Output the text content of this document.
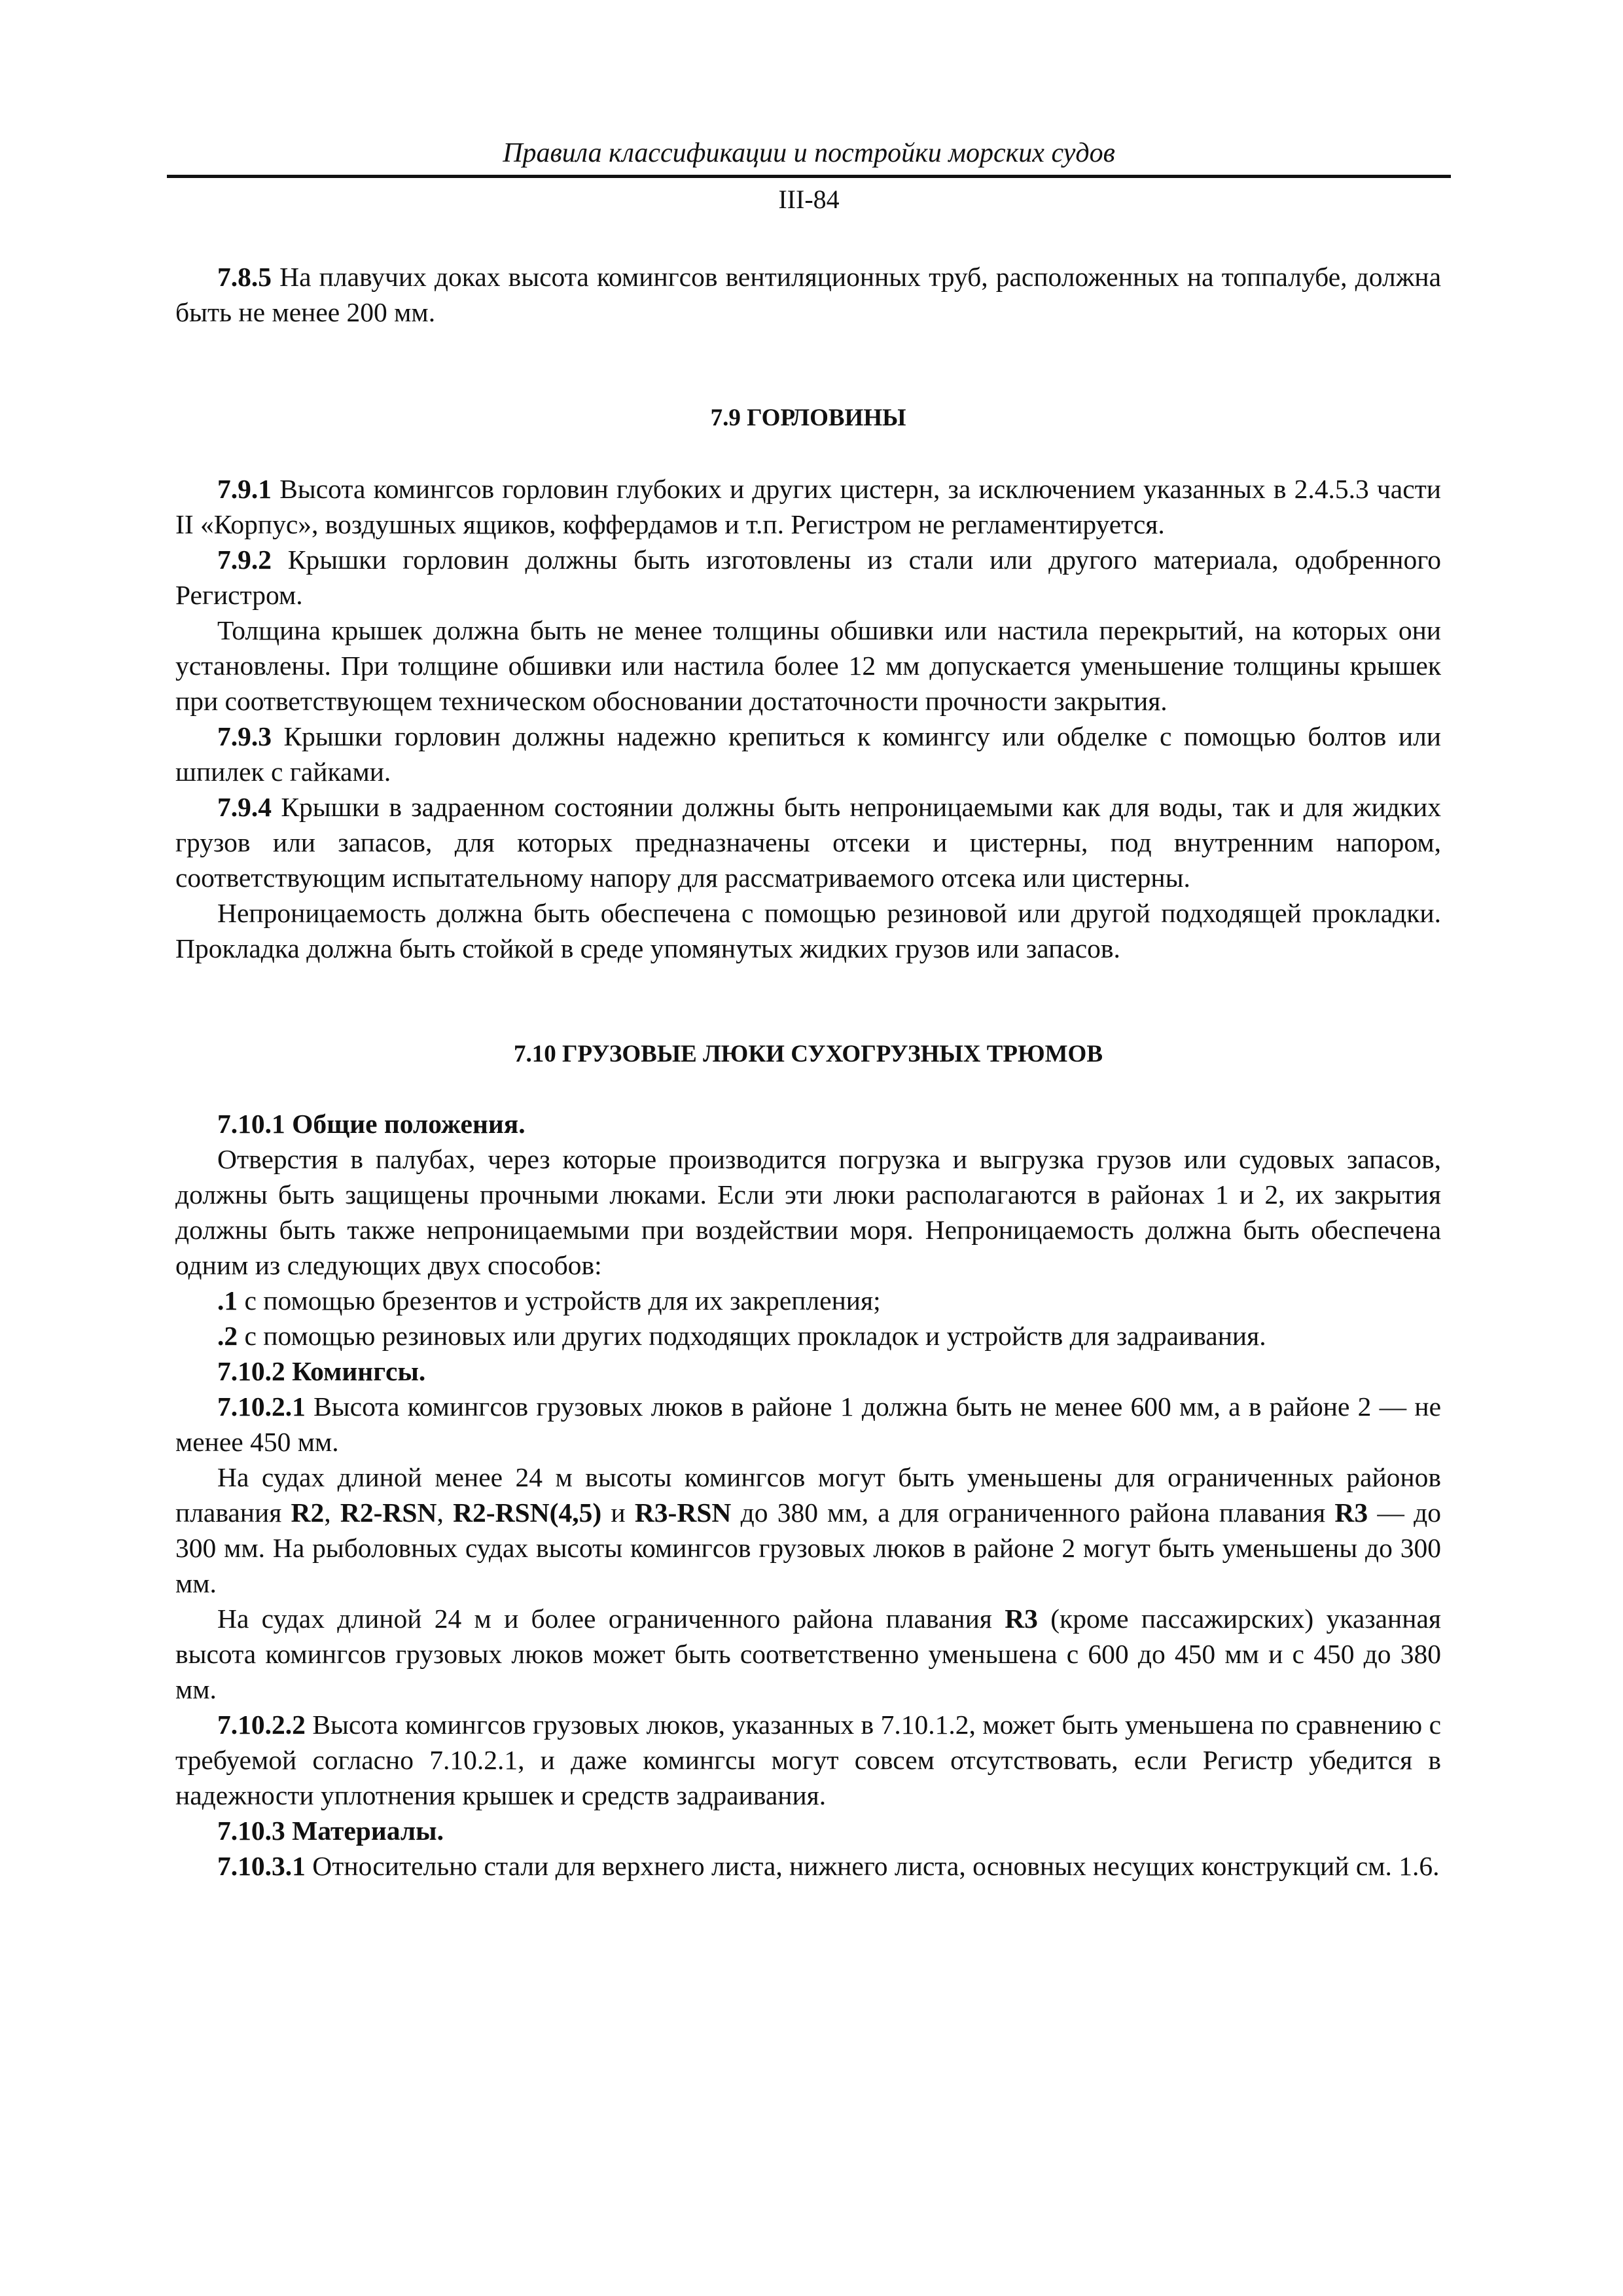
Правила классификации и постройки морских судов
III-84

7.8.5 На плавучих доках высота комингсов вентиляционных труб, расположенных на топпалубе, должна быть не менее 200 мм.

7.9 ГОРЛОВИНЫ

7.9.1 Высота комингсов горловин глубоких и других цистерн, за исключением указанных в 2.4.5.3 части II «Корпус», воздушных ящиков, коффердамов и т.п. Регистром не регламентируется.

7.9.2 Крышки горловин должны быть изготовлены из стали или другого материала, одобренного Регистром.

Толщина крышек должна быть не менее толщины обшивки или настила перекрытий, на которых они установлены. При толщине обшивки или настила более 12 мм допускается уменьшение толщины крышек при соответствующем техническом обосновании достаточности прочности закрытия.

7.9.3 Крышки горловин должны надежно крепиться к комингсу или обделке с помощью болтов или шпилек с гайками.

7.9.4 Крышки в задраенном состоянии должны быть непроницаемыми как для воды, так и для жидких грузов или запасов, для которых предназначены отсеки и цистерны, под внутренним напором, соответствующим испытательному напору для рассматриваемого отсека или цистерны.

Непроницаемость должна быть обеспечена с помощью резиновой или другой подходящей прокладки. Прокладка должна быть стойкой в среде упомянутых жидких грузов или запасов.

7.10 ГРУЗОВЫЕ ЛЮКИ СУХОГРУЗНЫХ ТРЮМОВ

7.10.1 Общие положения.

Отверстия в палубах, через которые производится погрузка и выгрузка грузов или судовых запасов, должны быть защищены прочными люками. Если эти люки располагаются в районах 1 и 2, их закрытия должны быть также непроницаемыми при воздействии моря. Непроницаемость должна быть обеспечена одним из следующих двух способов:

.1 с помощью брезентов и устройств для их закрепления;

.2 с помощью резиновых или других подходящих прокладок и устройств для задраивания.

7.10.2 Комингсы.

7.10.2.1 Высота комингсов грузовых люков в районе 1 должна быть не менее 600 мм, а в районе 2 — не менее 450 мм.

На судах длиной менее 24 м высоты комингсов могут быть уменьшены для ограниченных районов плавания R2, R2-RSN, R2-RSN(4,5) и R3-RSN до 380 мм, а для ограниченного района плавания R3 — до 300 мм. На рыболовных судах высоты комингсов грузовых люков в районе 2 могут быть уменьшены до 300 мм.

На судах длиной 24 м и более ограниченного района плавания R3 (кроме пассажирских) указанная высота комингсов грузовых люков может быть соответственно уменьшена с 600 до 450 мм и с 450 до 380 мм.

7.10.2.2 Высота комингсов грузовых люков, указанных в 7.10.1.2, может быть уменьшена по сравнению с требуемой согласно 7.10.2.1, и даже комингсы могут совсем отсутствовать, если Регистр убедится в надежности уплотнения крышек и средств задраивания.

7.10.3 Материалы.

7.10.3.1 Относительно стали для верхнего листа, нижнего листа, основных несущих конструкций см. 1.6.
